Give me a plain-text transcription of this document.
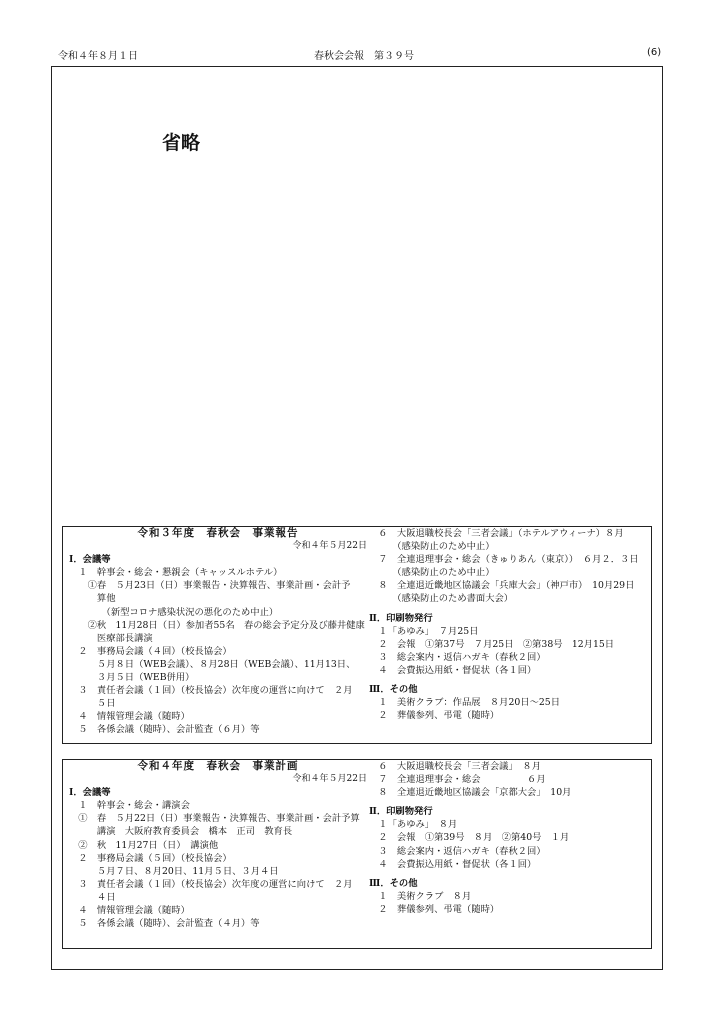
令和４年８月１日	春秋会会報　第３９号	(6)
省略
令和３年度　春秋会　事業報告
令和４年５月22日
Ⅰ．会議等
　１　幹事会・総会・懇親会（キャッスルホテル）
　　①春　５月23日（日）事業報告・決算報告、事業計画・会計予
　　　算他
　　　　（新型コロナ感染状況の悪化のため中止）
　　②秋　11月28日（日）参加者55名　春の総会予定分及び藤井健康
　　　医療部長講演
　２　事務局会議（４回）（校長協会）
　　　５月８日（WEB会議）、８月28日（WEB会議）、11月13日、
　　　３月５日（WEB併用）
　３　責任者会議（１回）（校長協会）次年度の運営に向けて　２月
　　　５日
　４　情報管理会議（随時）
　５　各係会議（随時）、会計監査（６月）等
　６　大阪退職校長会「三者会議」（ホテルアウィーナ）８月
　　　（感染防止のため中止）
　７　全連退理事会・総会（きゅりあん（東京））　６月２．３日
　　　（感染防止のため中止）
　８　全連退近畿地区協議会「兵庫大会」（神戸市）　10月29日
　　　（感染防止のため書面大会）
Ⅱ．印刷物発行
　１「あゆみ」　７月25日
　２　会報　①第37号　７月25日　②第38号　12月15日
　３　総会案内・返信ハガキ（春秋２回）
　４　会費振込用紙・督促状（各１回）
Ⅲ．その他
　１　美術クラブ：作品展　８月20日～25日
　２　葬儀参列、弔電（随時）
令和４年度　春秋会　事業計画
令和４年５月22日
Ⅰ．会議等
　１　幹事会・総会・講演会
　①　春　５月22日（日）事業報告・決算報告、事業計画・会計予算
　　　講演　大阪府教育委員会　橋本　正司　教育長
　②　秋　11月27日（日）　講演他
　２　事務局会議（５回）（校長協会）
　　　５月７日、８月20日、11月５日、３月４日
　３　責任者会議（１回）（校長協会）次年度の運営に向けて　２月
　　　４日
　４　情報管理会議（随時）
　５　各係会議（随時）、会計監査（４月）等
　６　大阪退職校長会「三者会議」　８月
　７　全連退理事会・総会　　　　　６月
　８　全連退近畿地区協議会「京都大会」　10月
Ⅱ．印刷物発行
　１「あゆみ」　８月
　２　会報　①第39号　８月　②第40号　１月
　３　総会案内・返信ハガキ（春秋２回）
　４　会費振込用紙・督促状（各１回）
Ⅲ．その他
　１　美術クラブ　８月
　２　葬儀参列、弔電（随時）
